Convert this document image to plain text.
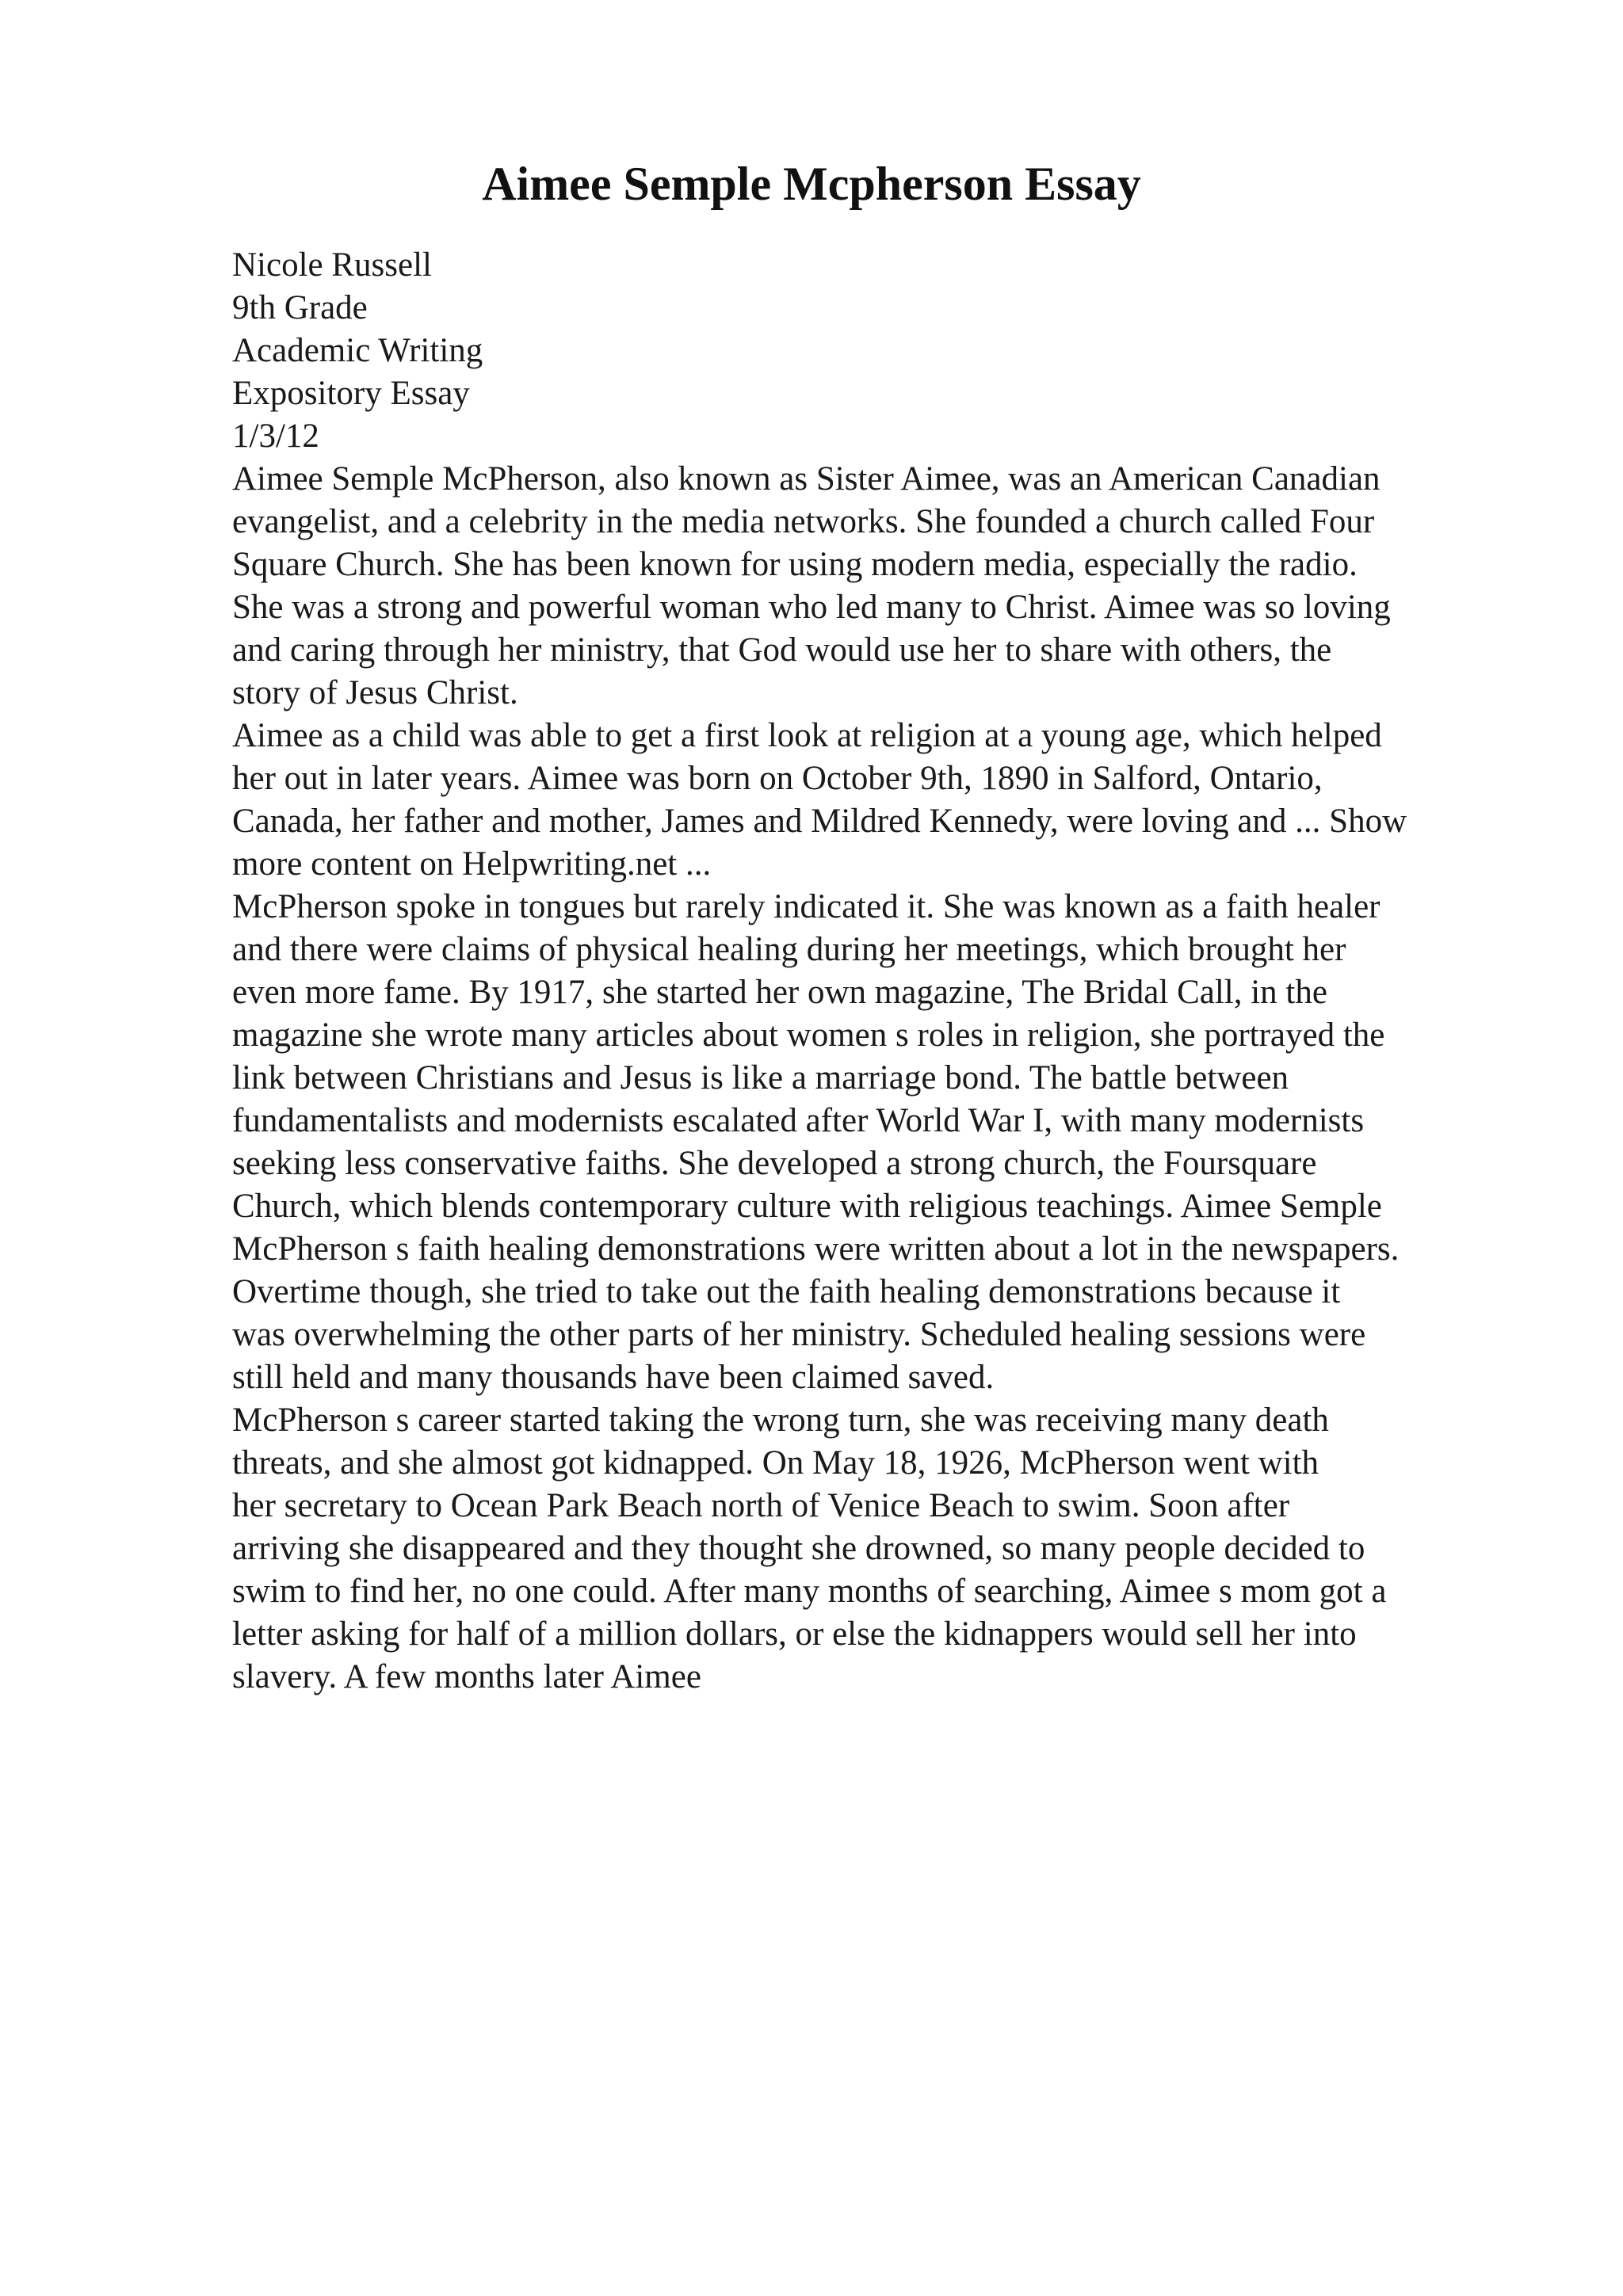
Aimee Semple Mcpherson Essay
Nicole Russell
9th Grade
Academic Writing
Expository Essay
1/3/12
Aimee Semple McPherson, also known as Sister Aimee, was an American Canadian
evangelist, and a celebrity in the media networks. She founded a church called Four
Square Church. She has been known for using modern media, especially the radio.
She was a strong and powerful woman who led many to Christ. Aimee was so loving
and caring through her ministry, that God would use her to share with others, the
story of Jesus Christ.
Aimee as a child was able to get a first look at religion at a young age, which helped
her out in later years. Aimee was born on October 9th, 1890 in Salford, Ontario,
Canada, her father and mother, James and Mildred Kennedy, were loving and ... Show
more content on Helpwriting.net ...
McPherson spoke in tongues but rarely indicated it. She was known as a faith healer
and there were claims of physical healing during her meetings, which brought her
even more fame. By 1917, she started her own magazine, The Bridal Call, in the
magazine she wrote many articles about women s roles in religion, she portrayed the
link between Christians and Jesus is like a marriage bond. The battle between
fundamentalists and modernists escalated after World War I, with many modernists
seeking less conservative faiths. She developed a strong church, the Foursquare
Church, which blends contemporary culture with religious teachings. Aimee Semple
McPherson s faith healing demonstrations were written about a lot in the newspapers.
Overtime though, she tried to take out the faith healing demonstrations because it
was overwhelming the other parts of her ministry. Scheduled healing sessions were
still held and many thousands have been claimed saved.
McPherson s career started taking the wrong turn, she was receiving many death
threats, and she almost got kidnapped. On May 18, 1926, McPherson went with
her secretary to Ocean Park Beach north of Venice Beach to swim. Soon after
arriving she disappeared and they thought she drowned, so many people decided to
swim to find her, no one could. After many months of searching, Aimee s mom got a
letter asking for half of a million dollars, or else the kidnappers would sell her into
slavery. A few months later Aimee
